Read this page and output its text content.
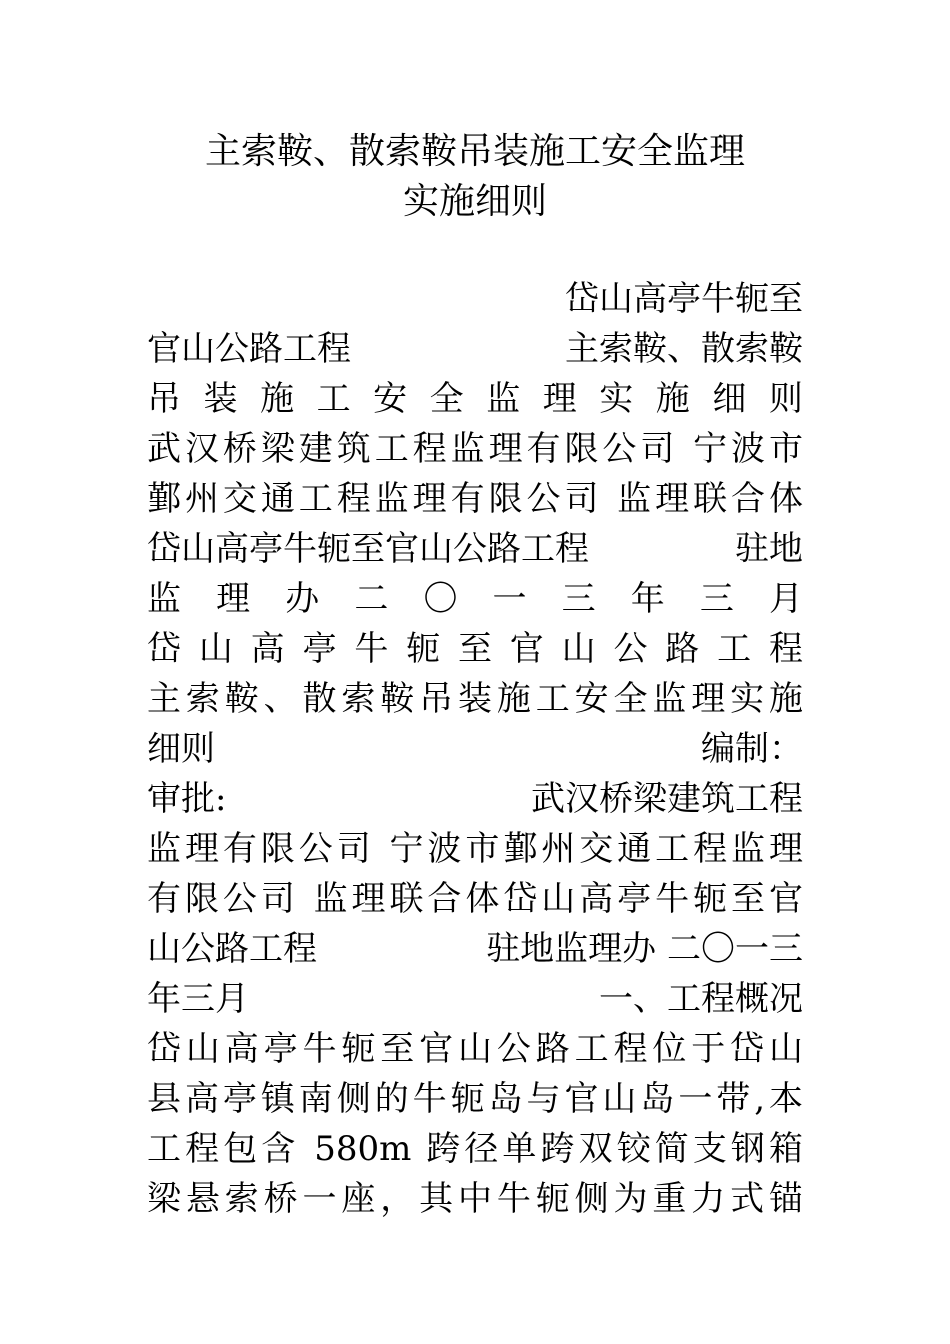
主索鞍、散索鞍吊装施工安全监理
实施细则
岱山高亭牛轭至
官山公路工程	主索鞍、散索鞍
吊 装 施 工 安 全 监 理 实 施 细 则
武汉桥梁建筑工程监理有限公司 宁波市
鄞州交通工程监理有限公司 监理联合体
岱山高亭牛轭至官山公路工程	驻地
监 理 办 二 〇 一 三 年 三 月
岱 山 高 亭 牛 轭 至 官 山 公 路 工 程
主索鞍、散索鞍吊装施工安全监理实施
细则	编制：
审批:	武汉桥梁建筑工程
监理有限公司 宁波市鄞州交通工程监理
有限公司 监理联合体岱山高亭牛轭至官
山公路工程	驻地监理办 二〇一三
年三月	一、工程概况
岱山高亭牛轭至官山公路工程位于岱山
县高亭镇南侧的牛轭岛与官山岛一带,本
工程包含 580m 跨径单跨双铰简支钢箱
梁悬索桥一座，其中牛轭侧为重力式锚
